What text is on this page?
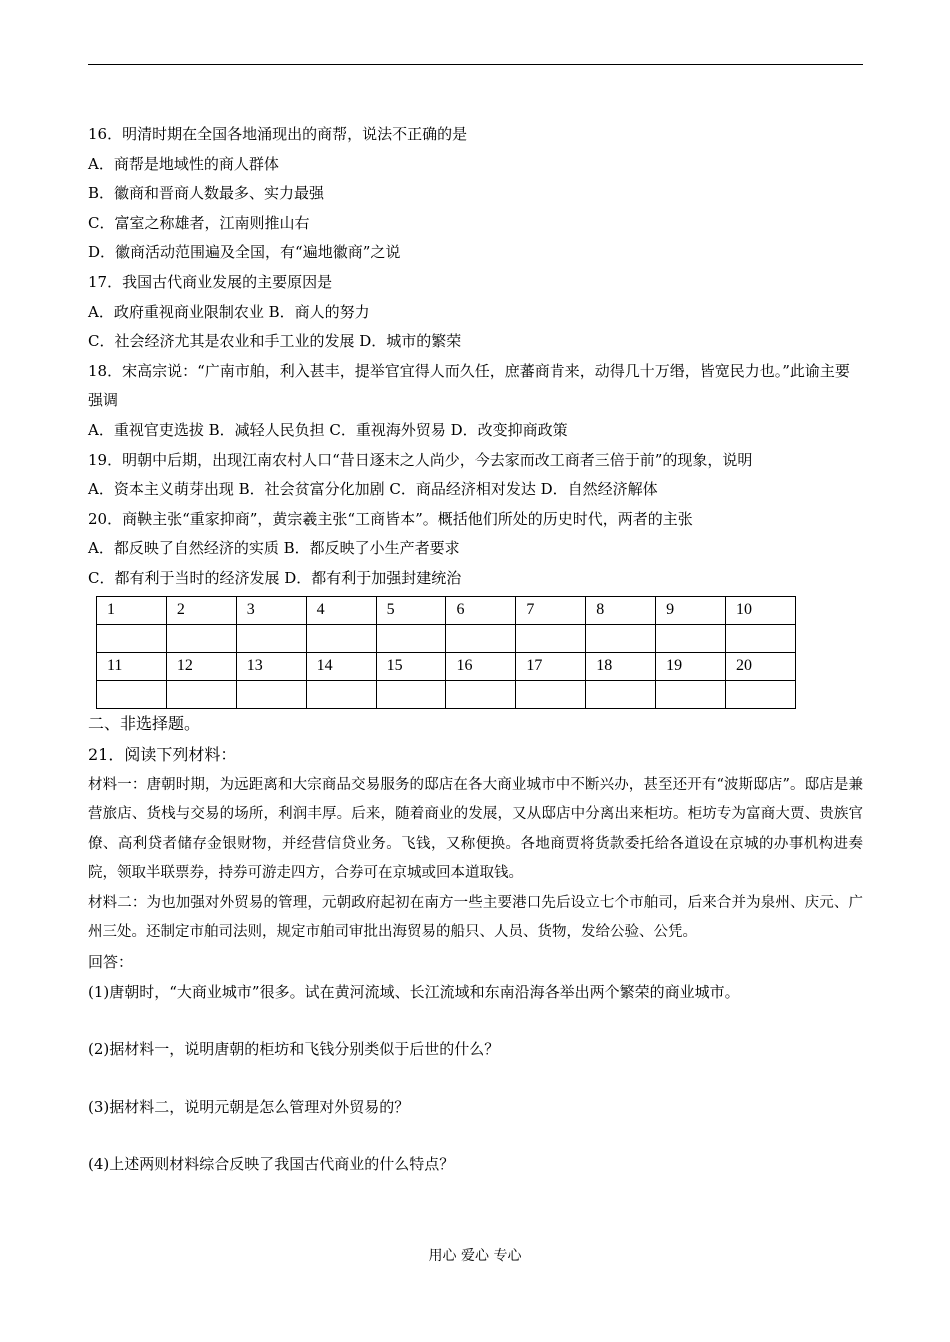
16．明清时期在全国各地涌现出的商帮，说法不正确的是
A．商帮是地域性的商人群体
B．徽商和晋商人数最多、实力最强
C．富室之称雄者，江南则推山右
D．徽商活动范围遍及全国，有“遍地徽商”之说
17．我国古代商业发展的主要原因是
A．政府重视商业限制农业 B．商人的努力
C．社会经济尤其是农业和手工业的发展 D．城市的繁荣
18．宋高宗说：“广南市舶，利入甚丰，提举官宜得人而久任，庶蕃商肯来，动得几十万缗，皆宽民力也。”此谕主要强调
A．重视官吏选拔 B．减轻人民负担 C．重视海外贸易 D．改变抑商政策
19．明朝中后期，出现江南农村人口“昔日逐末之人尚少，今去家而改工商者三倍于前”的现象，说明
A．资本主义萌芽出现 B．社会贫富分化加剧 C．商品经济相对发达 D．自然经济解体
20．商鞅主张“重家抑商”，黄宗羲主张“工商皆本”。概括他们所处的历史时代，两者的主张
A．都反映了自然经济的实质 B．都反映了小生产者要求
C．都有利于当时的经济发展 D．都有利于加强封建统治
1	2	3	4	5	6	7	8	9	10

11	12	13	14	15	16	17	18	19	20

二、非选择题。
21．阅读下列材料：
材料一：唐朝时期，为远距离和大宗商品交易服务的邸店在各大商业城市中不断兴办，甚至还开有“波斯邸店”。邸店是兼营旅店、货栈与交易的场所，利润丰厚。后来，随着商业的发展，又从邸店中分离出来柜坊。柜坊专为富商大贾、贵族官僚、高利贷者储存金银财物，并经营信贷业务。飞钱，又称便换。各地商贾将货款委托给各道设在京城的办事机构进奏院，领取半联票券，持券可游走四方，合券可在京城或回本道取钱。
材料二：为也加强对外贸易的管理，元朝政府起初在南方一些主要港口先后设立七个市舶司，后来合并为泉州、庆元、广州三处。还制定市舶司法则，规定市舶司审批出海贸易的船只、人员、货物，发给公验、公凭。
回答：
(1)唐朝时，“大商业城市”很多。试在黄河流域、长江流域和东南沿海各举出两个繁荣的商业城市。
(2)据材料一，说明唐朝的柜坊和飞钱分别类似于后世的什么？
(3)据材料二，说明元朝是怎么管理对外贸易的？
(4)上述两则材料综合反映了我国古代商业的什么特点？
用心 爱心 专心
